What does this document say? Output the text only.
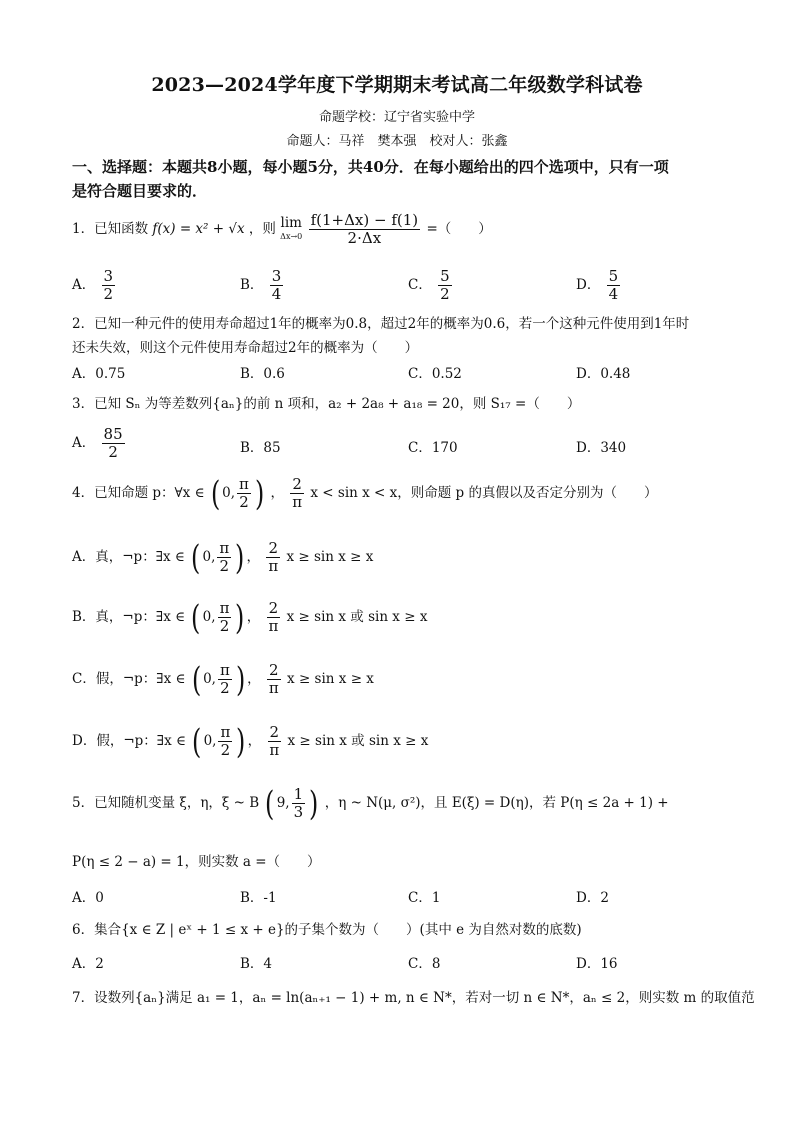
2023—2024学年度下学期期末考试高二年级数学科试卷
命题学校：辽宁省实验中学
命题人：马祥　樊本强　校对人：张鑫
一、选择题：本题共8小题，每小题5分，共40分．在每小题给出的四个选项中，只有一项
是符合题目要求的．
1．已知函数 f(x) = x² + √x ，则 lim
Δx→0
$\frac{f(1+\Delta x) - f(1)}{2\cdot\Delta x}$ =（　　）
A． $\frac{3}{2}$	B． $\frac{3}{4}$	C． $\frac{5}{2}$	D． $\frac{5}{4}$
2．已知一种元件的使用寿命超过1年的概率为0.8，超过2年的概率为0.6，若一个这种元件使用到1年时
还未失效，则这个元件使用寿命超过2年的概率为（　　）
A．0.75	B．0.6	C．0.52	D．0.48
3．已知 Sₙ 为等差数列{aₙ}的前 n 项和，a₂ + 2a₈ + a₁₈ = 20，则 S₁₇ =（　　）
A． $\frac{85}{2}$	B．85	C．170	D．340
4．已知命题 p：∀x ∈ ( 0, $\frac{\pi}{2}$ ) ， $\frac{2}{\pi}$ x < sin x < x，则命题 p 的真假以及否定分别为（　　）
A．真，¬p：∃x ∈ ( 0, $\frac{\pi}{2}$ ) ， $\frac{2}{\pi}$ x ≥ sin x ≥ x
B．真，¬p：∃x ∈ ( 0, $\frac{\pi}{2}$ ) ， $\frac{2}{\pi}$ x ≥ sin x 或 sin x ≥ x
C．假，¬p：∃x ∈ ( 0, $\frac{\pi}{2}$ ) ， $\frac{2}{\pi}$ x ≥ sin x ≥ x
D．假，¬p：∃x ∈ ( 0, $\frac{\pi}{2}$ ) ， $\frac{2}{\pi}$ x ≥ sin x 或 sin x ≥ x
5．已知随机变量 ξ，η，ξ ~ B ( 9, $\frac{1}{3}$ ) ，η ~ N(μ, σ²)，且 E(ξ) = D(η)，若 P(η ≤ 2a + 1) +
P(η ≤ 2 − a) = 1，则实数 a =（　　）
A．0	B．-1	C．1	D．2
6．集合{x ∈ Z | eˣ + 1 ≤ x + e}的子集个数为（　　）(其中 e 为自然对数的底数)
A．2	B．4	C．8	D．16
7．设数列{aₙ}满足 a₁ = 1，aₙ = ln(aₙ₊₁ − 1) + m, n ∈ N*，若对一切 n ∈ N*，aₙ ≤ 2，则实数 m 的取值范
